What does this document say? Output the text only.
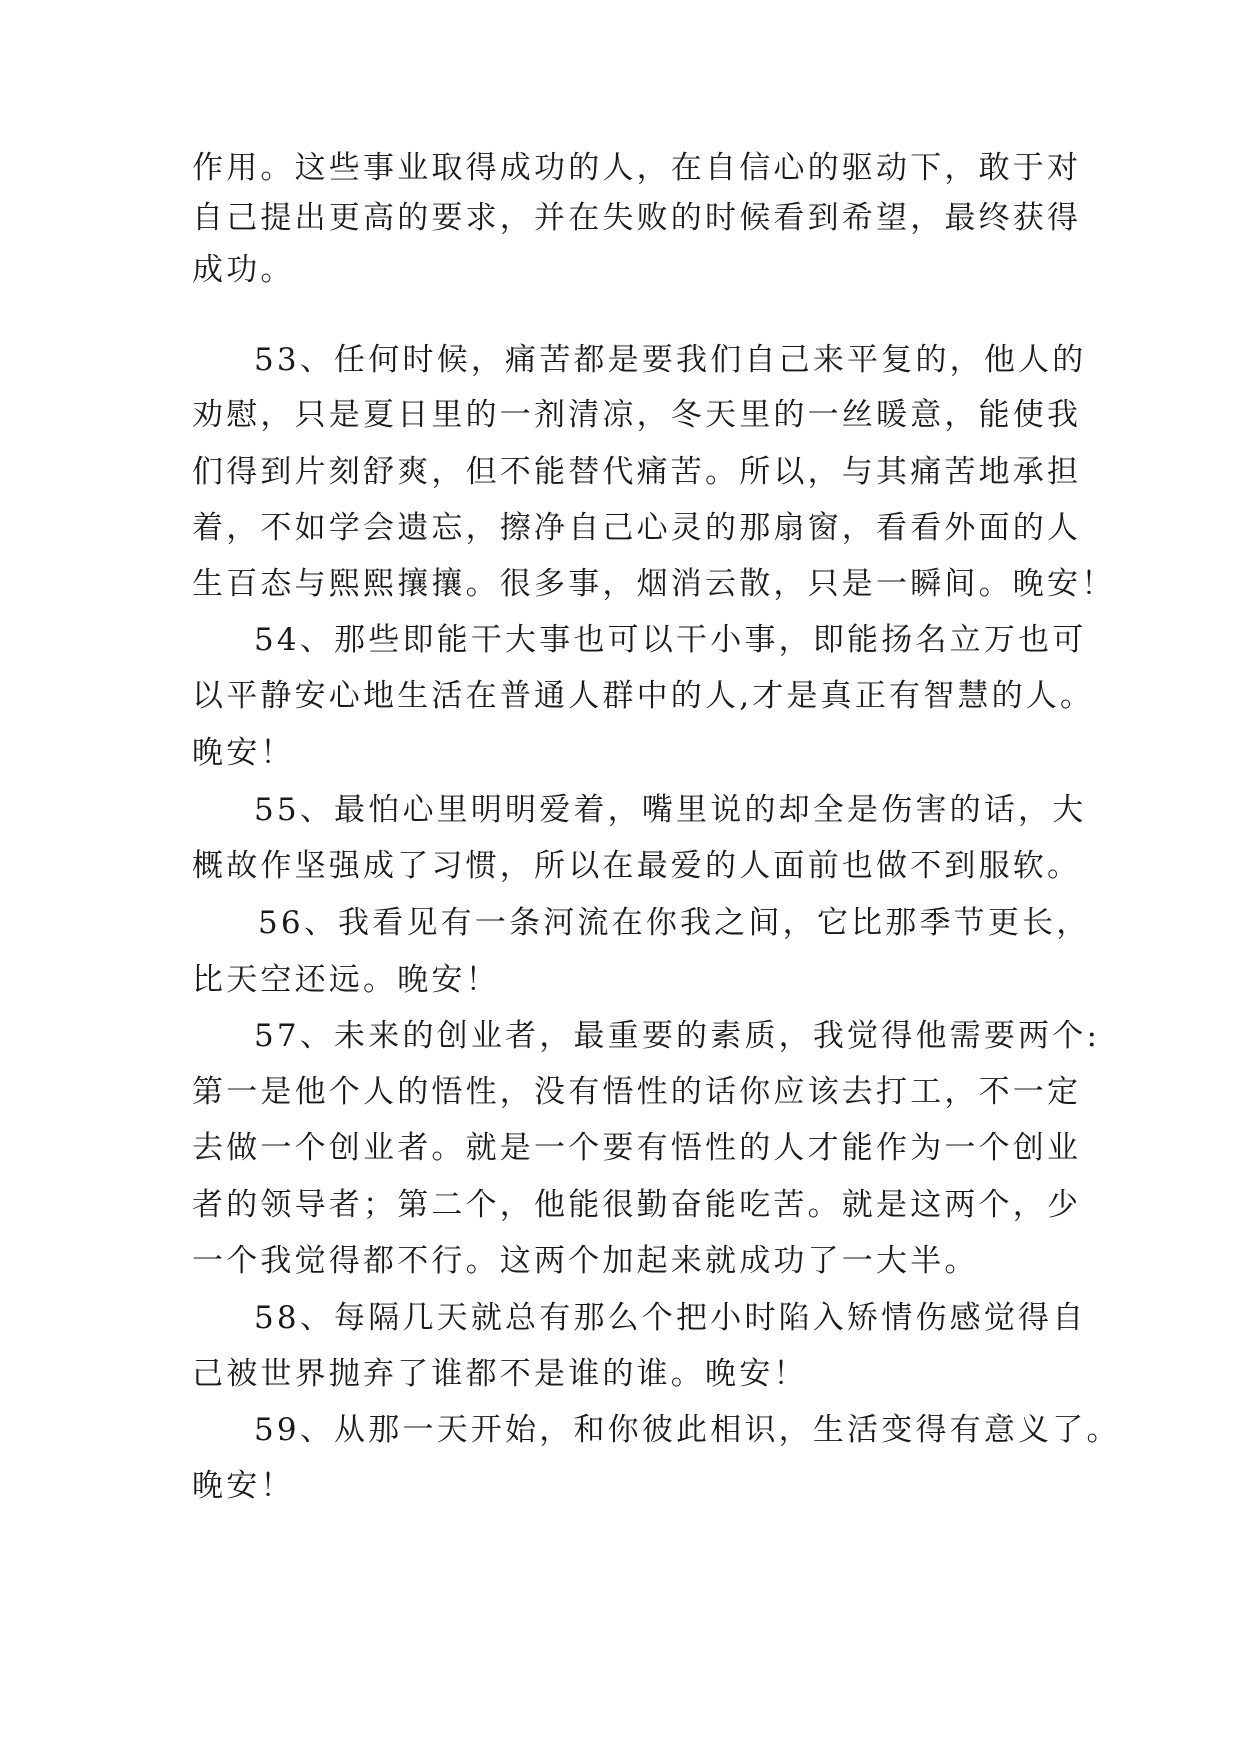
作用。这些事业取得成功的人，在自信心的驱动下，敢于对
自己提出更高的要求，并在失败的时候看到希望，最终获得
成功。
53、任何时候，痛苦都是要我们自己来平复的，他人的
劝慰，只是夏日里的一剂清凉，冬天里的一丝暖意，能使我
们得到片刻舒爽，但不能替代痛苦。所以，与其痛苦地承担
着，不如学会遗忘，擦净自己心灵的那扇窗，看看外面的人
生百态与熙熙攘攘。很多事，烟消云散，只是一瞬间。晚安！
54、那些即能干大事也可以干小事，即能扬名立万也可
以平静安心地生活在普通人群中的人,才是真正有智慧的人。
晚安！
55、最怕心里明明爱着，嘴里说的却全是伤害的话，大
概故作坚强成了习惯，所以在最爱的人面前也做不到服软。
56、我看见有一条河流在你我之间，它比那季节更长，
比天空还远。晚安！
57、未来的创业者，最重要的素质，我觉得他需要两个:
第一是他个人的悟性，没有悟性的话你应该去打工，不一定
去做一个创业者。就是一个要有悟性的人才能作为一个创业
者的领导者；第二个，他能很勤奋能吃苦。就是这两个，少
一个我觉得都不行。这两个加起来就成功了一大半。
58、每隔几天就总有那么个把小时陷入矫情伤感觉得自
己被世界抛弃了谁都不是谁的谁。晚安！
59、从那一天开始，和你彼此相识，生活变得有意义了。
晚安！
